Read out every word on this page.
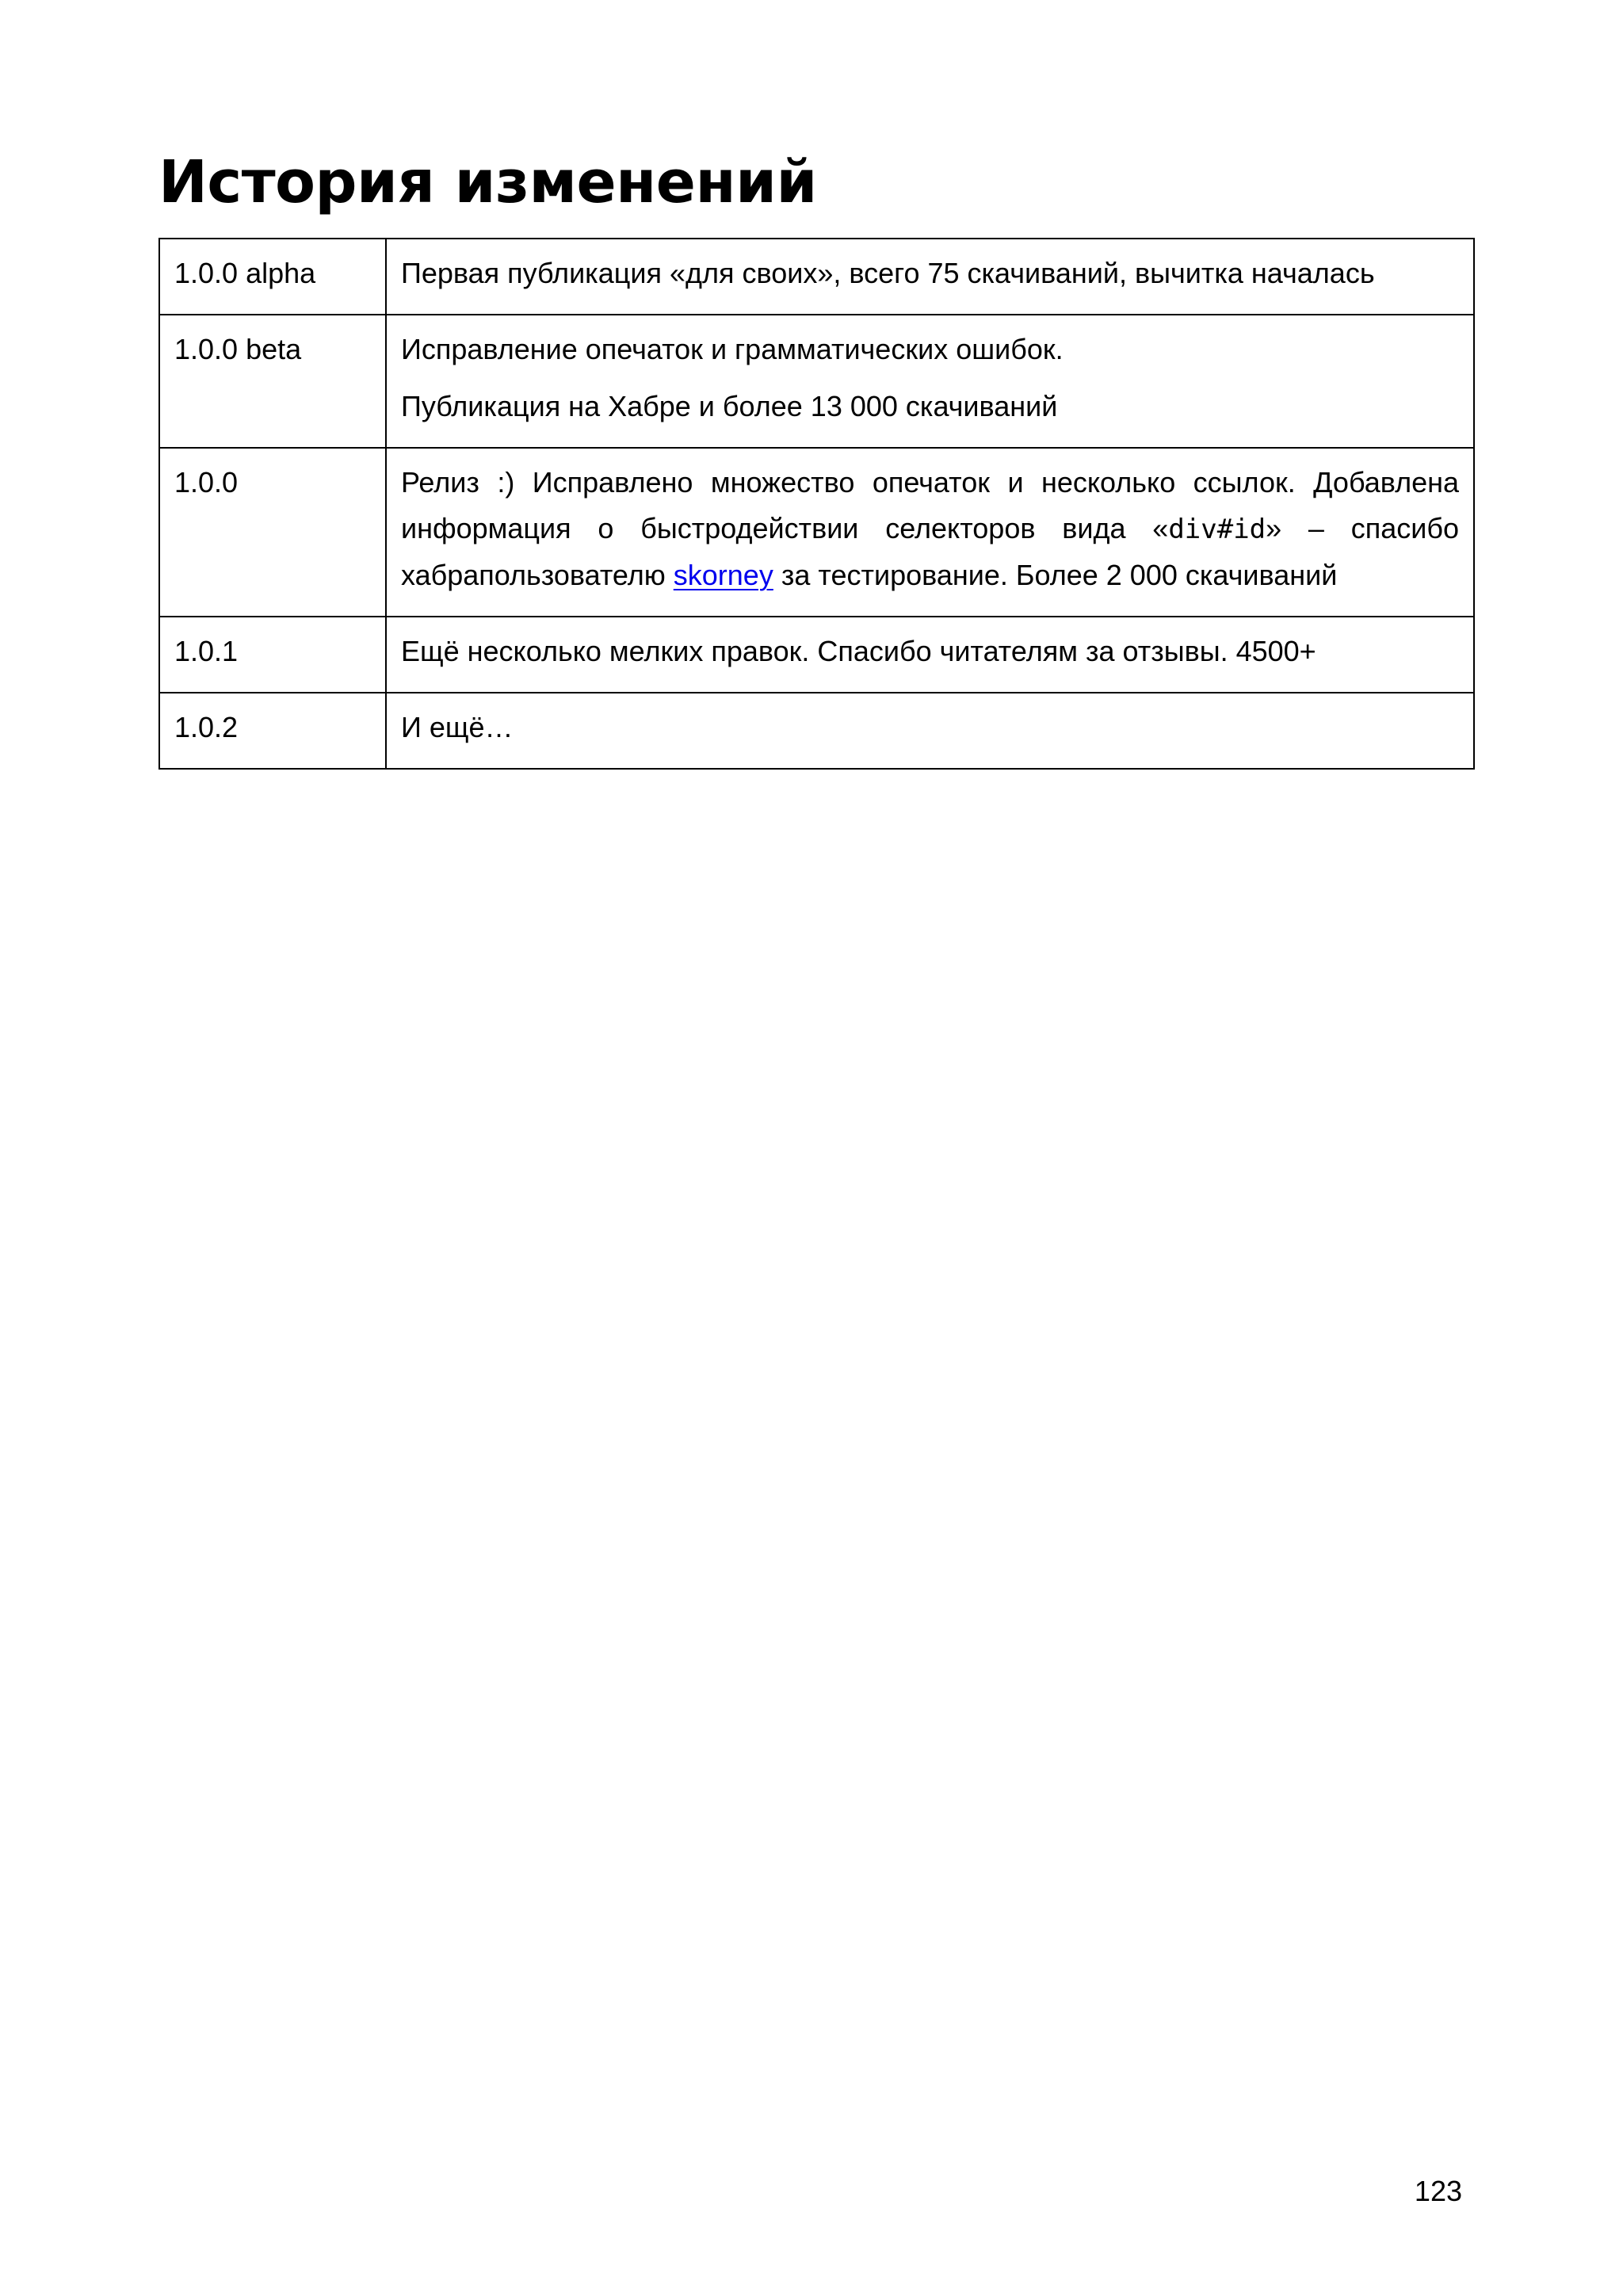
История изменений
1.0.0 alpha	Первая публикация «для своих», всего 75 скачиваний, вычитка началась

1.0.0 beta	Исправление опечаток и грамматических ошибок.

Публикация на Хабре и более 13 000 скачиваний

1.0.0	Релиз :) Исправлено множество опечаток и несколько ссылок. Добавлена информация о быстродействии селекторов вида «div#id» – спасибо хабрапользователю skorney за тестирование. Более 2 000 скачиваний

1.0.1	Ещё несколько мелких правок. Спасибо читателям за отзывы. 4500+

1.0.2	И ещё…

123
